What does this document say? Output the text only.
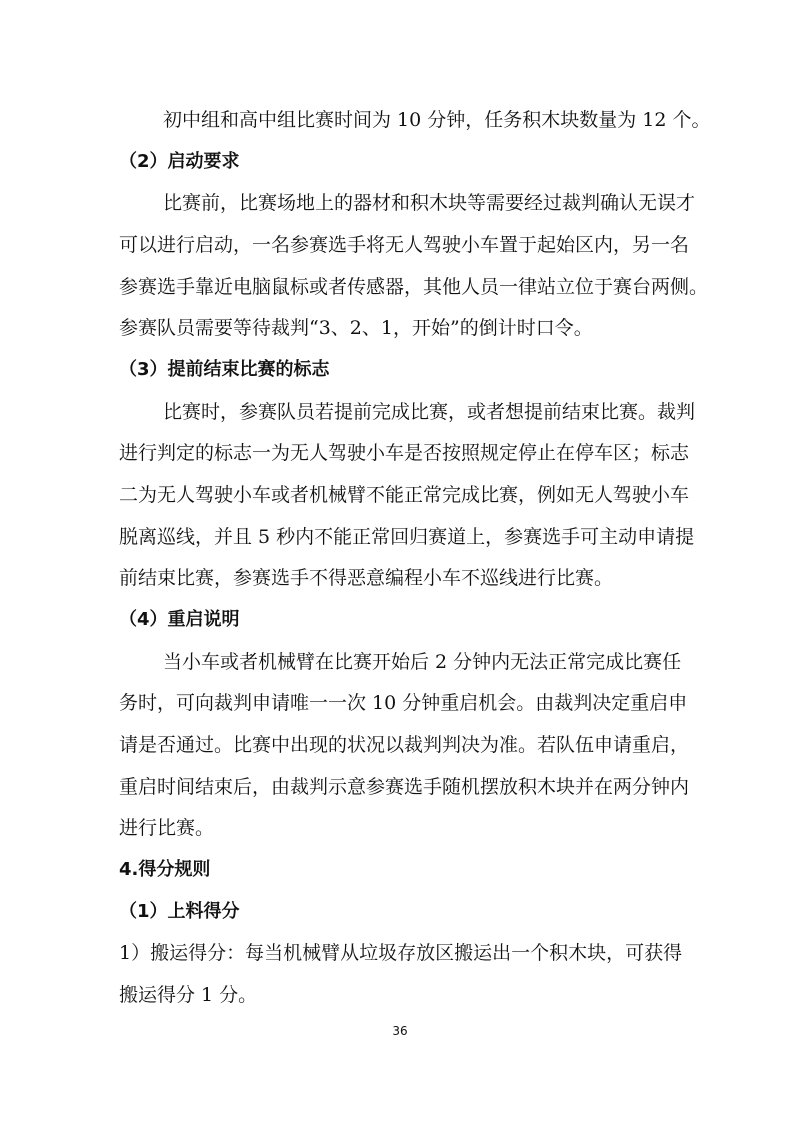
初中组和高中组比赛时间为 10 分钟，任务积木块数量为 12 个。
（2）启动要求
比赛前，比赛场地上的器材和积木块等需要经过裁判确认无误才
可以进行启动，一名参赛选手将无人驾驶小车置于起始区内，另一名
参赛选手靠近电脑鼠标或者传感器，其他人员一律站立位于赛台两侧。
参赛队员需要等待裁判“3、2、1，开始”的倒计时口令。
（3）提前结束比赛的标志
比赛时，参赛队员若提前完成比赛，或者想提前结束比赛。裁判
进行判定的标志一为无人驾驶小车是否按照规定停止在停车区；标志
二为无人驾驶小车或者机械臂不能正常完成比赛，例如无人驾驶小车
脱离巡线，并且 5 秒内不能正常回归赛道上，参赛选手可主动申请提
前结束比赛，参赛选手不得恶意编程小车不巡线进行比赛。
（4）重启说明
当小车或者机械臂在比赛开始后 2 分钟内无法正常完成比赛任
务时，可向裁判申请唯一一次 10 分钟重启机会。由裁判决定重启申
请是否通过。比赛中出现的状况以裁判判决为准。若队伍申请重启，
重启时间结束后，由裁判示意参赛选手随机摆放积木块并在两分钟内
进行比赛。
4.得分规则
（1）上料得分
1）搬运得分：每当机械臂从垃圾存放区搬运出一个积木块，可获得
搬运得分 1 分。
36
